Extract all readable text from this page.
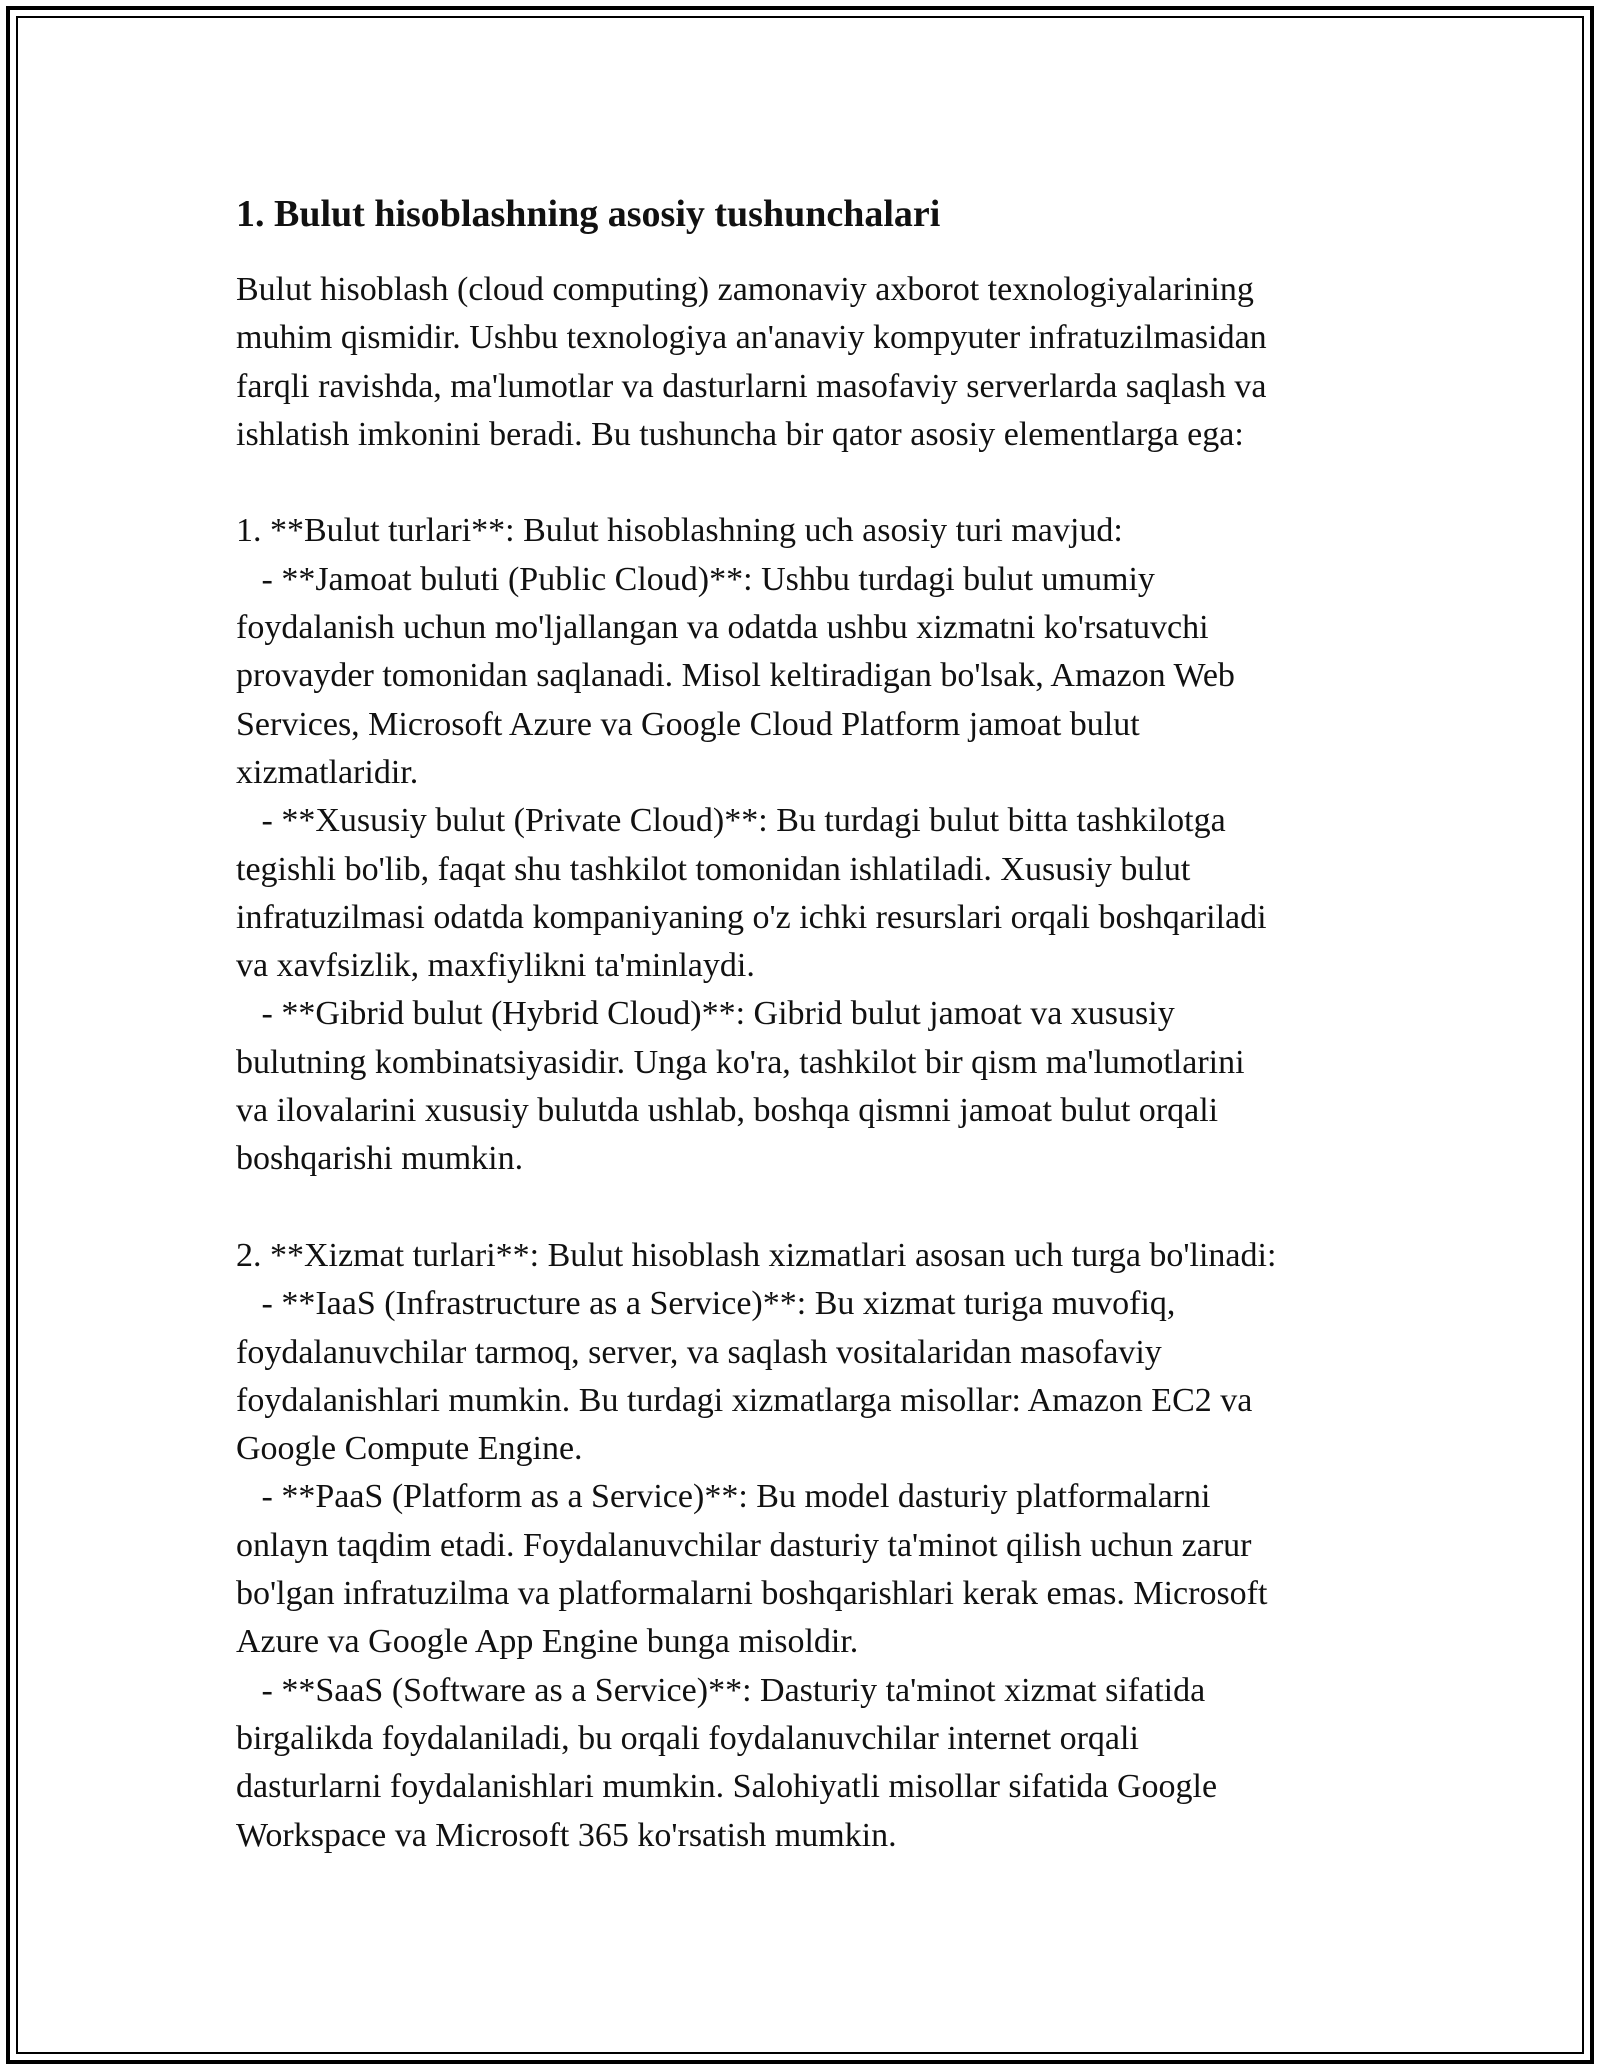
1. Bulut hisoblashning asosiy tushunchalari

Bulut hisoblash (cloud computing) zamonaviy axborot texnologiyalarining
muhim qismidir. Ushbu texnologiya an'anaviy kompyuter infratuzilmasidan
farqli ravishda, ma'lumotlar va dasturlarni masofaviy serverlarda saqlash va
ishlatish imkonini beradi. Bu tushuncha bir qator asosiy elementlarga ega:

1. **Bulut turlari**: Bulut hisoblashning uch asosiy turi mavjud:
- **Jamoat buluti (Public Cloud)**: Ushbu turdagi bulut umumiy
foydalanish uchun mo'ljallangan va odatda ushbu xizmatni ko'rsatuvchi
provayder tomonidan saqlanadi. Misol keltiradigan bo'lsak, Amazon Web
Services, Microsoft Azure va Google Cloud Platform jamoat bulut
xizmatlaridir.
- **Xususiy bulut (Private Cloud)**: Bu turdagi bulut bitta tashkilotga
tegishli bo'lib, faqat shu tashkilot tomonidan ishlatiladi. Xususiy bulut
infratuzilmasi odatda kompaniyaning o'z ichki resurslari orqali boshqariladi
va xavfsizlik, maxfiylikni ta'minlaydi.
- **Gibrid bulut (Hybrid Cloud)**: Gibrid bulut jamoat va xususiy
bulutning kombinatsiyasidir. Unga ko'ra, tashkilot bir qism ma'lumotlarini
va ilovalarini xususiy bulutda ushlab, boshqa qismni jamoat bulut orqali
boshqarishi mumkin.

2. **Xizmat turlari**: Bulut hisoblash xizmatlari asosan uch turga bo'linadi:
- **IaaS (Infrastructure as a Service)**: Bu xizmat turiga muvofiq,
foydalanuvchilar tarmoq, server, va saqlash vositalaridan masofaviy
foydalanishlari mumkin. Bu turdagi xizmatlarga misollar: Amazon EC2 va
Google Compute Engine.
- **PaaS (Platform as a Service)**: Bu model dasturiy platformalarni
onlayn taqdim etadi. Foydalanuvchilar dasturiy ta'minot qilish uchun zarur
bo'lgan infratuzilma va platformalarni boshqarishlari kerak emas. Microsoft
Azure va Google App Engine bunga misoldir.
- **SaaS (Software as a Service)**: Dasturiy ta'minot xizmat sifatida
birgalikda foydalaniladi, bu orqali foydalanuvchilar internet orqali
dasturlarni foydalanishlari mumkin. Salohiyatli misollar sifatida Google
Workspace va Microsoft 365 ko'rsatish mumkin.
